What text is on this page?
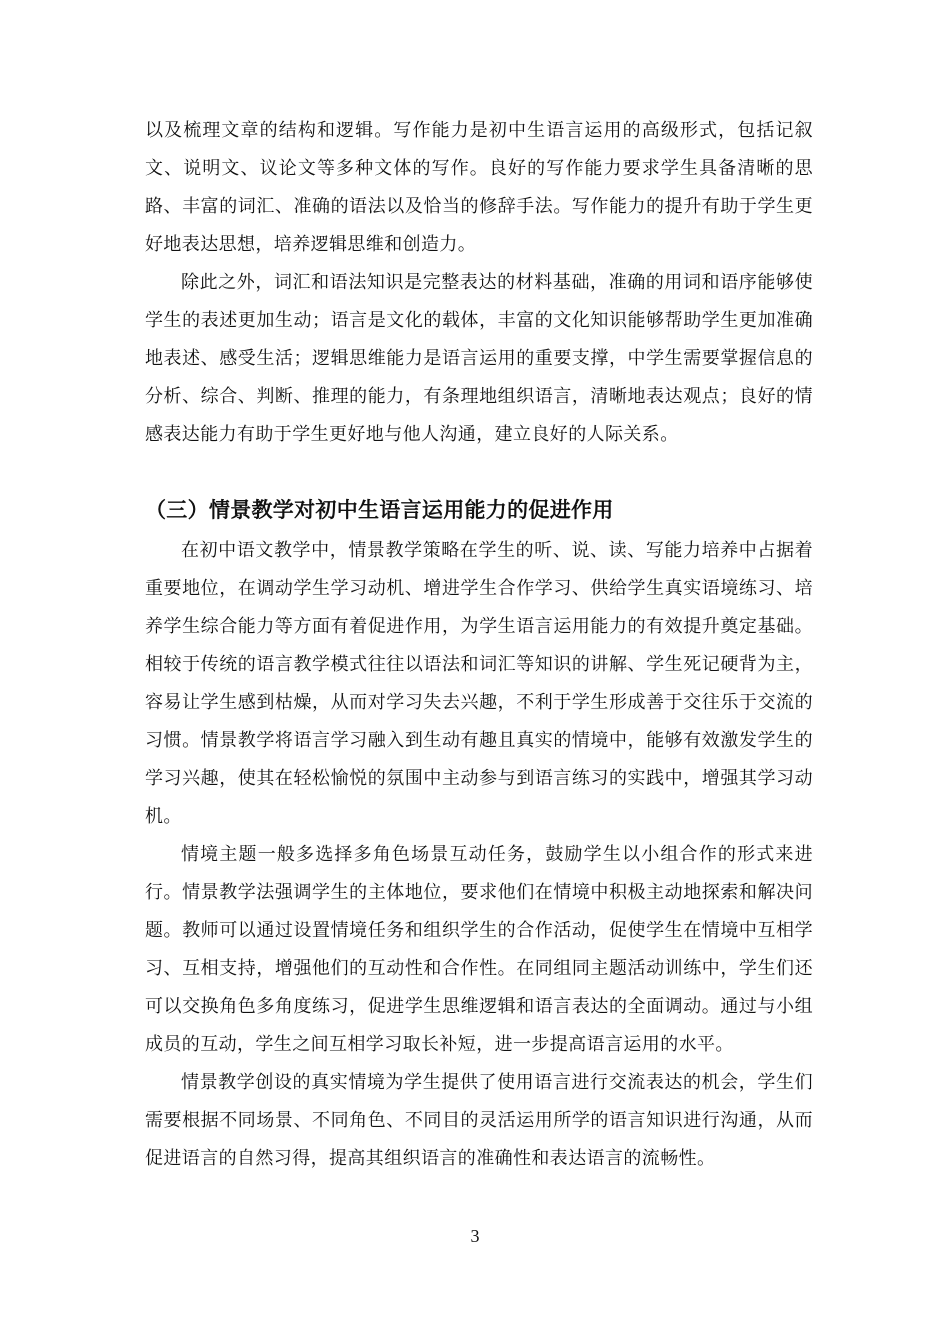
以及梳理文章的结构和逻辑。写作能力是初中生语言运用的高级形式，包括记叙文、说明文、议论文等多种文体的写作。良好的写作能力要求学生具备清晰的思路、丰富的词汇、准确的语法以及恰当的修辞手法。写作能力的提升有助于学生更好地表达思想，培养逻辑思维和创造力。

除此之外，词汇和语法知识是完整表达的材料基础，准确的用词和语序能够使学生的表述更加生动；语言是文化的载体，丰富的文化知识能够帮助学生更加准确地表述、感受生活；逻辑思维能力是语言运用的重要支撑，中学生需要掌握信息的分析、综合、判断、推理的能力，有条理地组织语言，清晰地表达观点；良好的情感表达能力有助于学生更好地与他人沟通，建立良好的人际关系。

（三）情景教学对初中生语言运用能力的促进作用

在初中语文教学中，情景教学策略在学生的听、说、读、写能力培养中占据着重要地位，在调动学生学习动机、增进学生合作学习、供给学生真实语境练习、培养学生综合能力等方面有着促进作用，为学生语言运用能力的有效提升奠定基础。相较于传统的语言教学模式往往以语法和词汇等知识的讲解、学生死记硬背为主，容易让学生感到枯燥，从而对学习失去兴趣，不利于学生形成善于交往乐于交流的习惯。情景教学将语言学习融入到生动有趣且真实的情境中，能够有效激发学生的学习兴趣，使其在轻松愉悦的氛围中主动参与到语言练习的实践中，增强其学习动机。

情境主题一般多选择多角色场景互动任务，鼓励学生以小组合作的形式来进行。情景教学法强调学生的主体地位，要求他们在情境中积极主动地探索和解决问题。教师可以通过设置情境任务和组织学生的合作活动，促使学生在情境中互相学习、互相支持，增强他们的互动性和合作性。在同组同主题活动训练中，学生们还可以交换角色多角度练习，促进学生思维逻辑和语言表达的全面调动。通过与小组成员的互动，学生之间互相学习取长补短，进一步提高语言运用的水平。

情景教学创设的真实情境为学生提供了使用语言进行交流表达的机会，学生们需要根据不同场景、不同角色、不同目的灵活运用所学的语言知识进行沟通，从而促进语言的自然习得，提高其组织语言的准确性和表达语言的流畅性。

3
